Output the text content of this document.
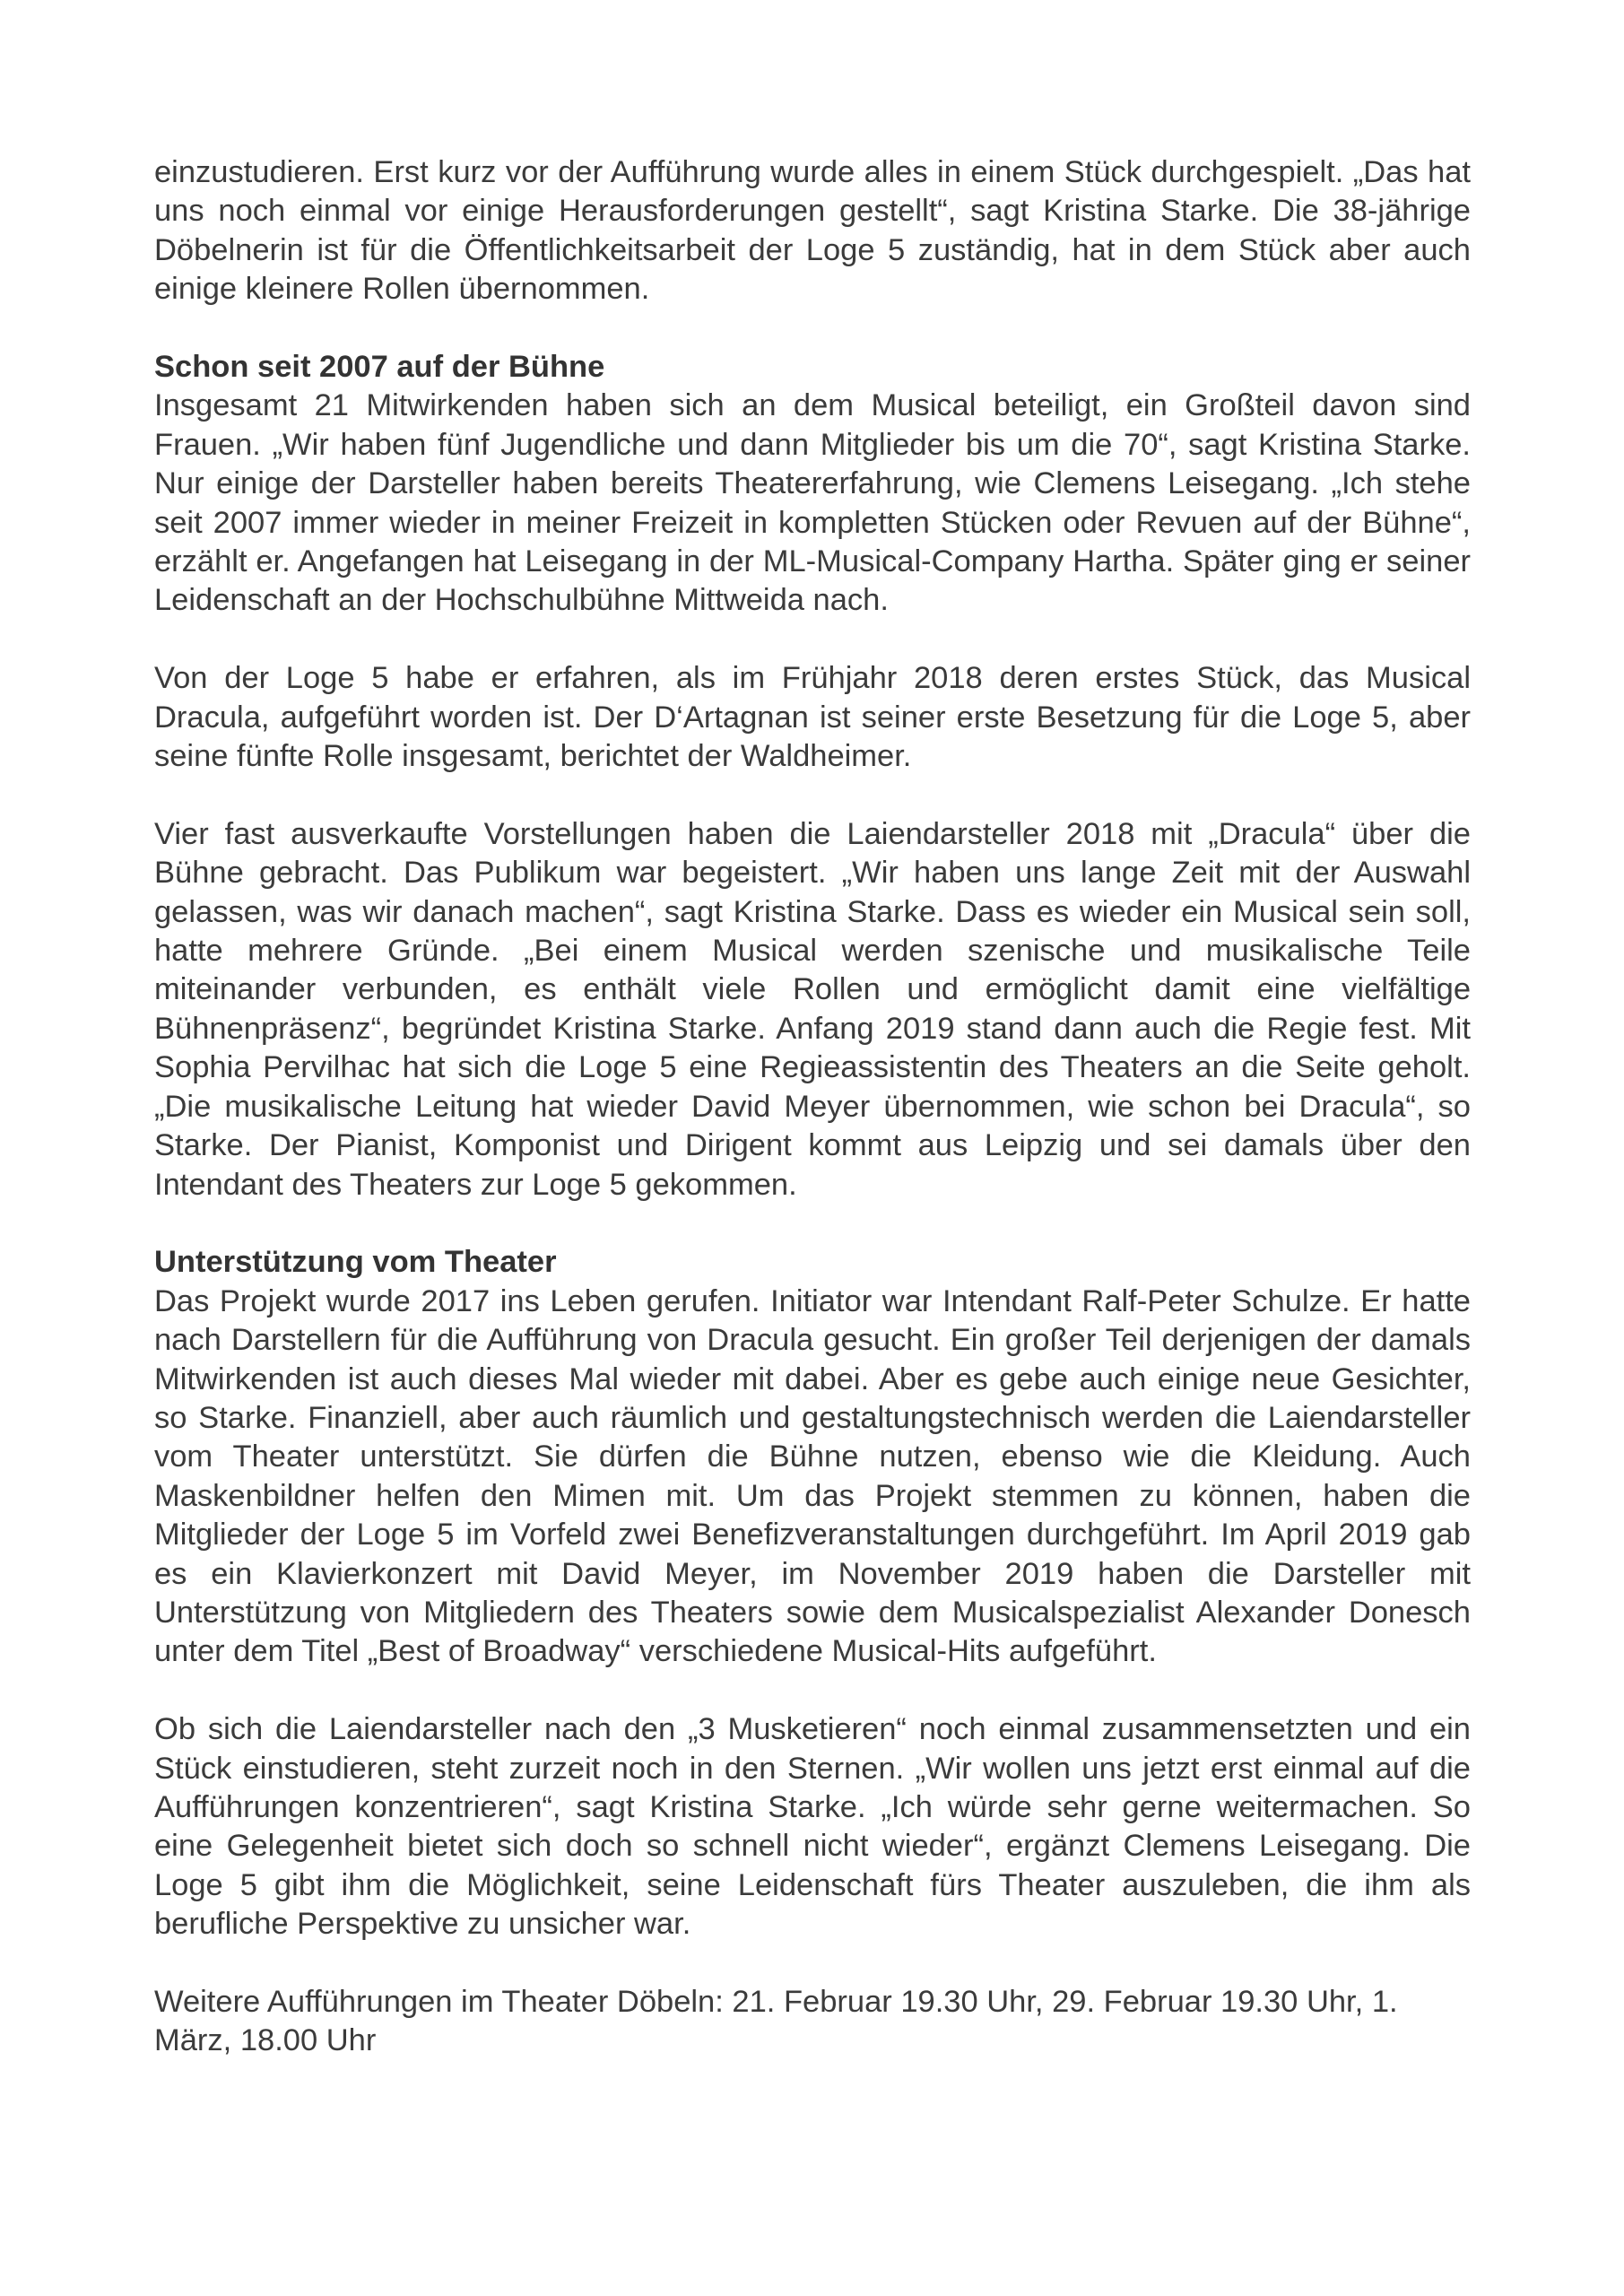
einzustudieren. Erst kurz vor der Aufführung wurde alles in einem Stück durchgespielt. „Das hat uns noch einmal vor einige Herausforderungen gestellt“, sagt Kristina Starke. Die 38-jährige Döbelnerin ist für die Öffentlichkeitsarbeit der Loge 5 zuständig, hat in dem Stück aber auch einige kleinere Rollen übernommen.

Schon seit 2007 auf der Bühne

Insgesamt 21 Mitwirkenden haben sich an dem Musical beteiligt, ein Großteil davon sind Frauen. „Wir haben fünf Jugendliche und dann Mitglieder bis um die 70“, sagt Kristina Starke. Nur einige der Darsteller haben bereits Theatererfahrung, wie Clemens Leisegang. „Ich stehe seit 2007 immer wieder in meiner Freizeit in kompletten Stücken oder Revuen auf der Bühne“, erzählt er. Angefangen hat Leisegang in der ML-Musical-Company Hartha. Später ging er seiner Leidenschaft an der Hochschulbühne Mittweida nach.

Von der Loge 5 habe er erfahren, als im Frühjahr 2018 deren erstes Stück, das Musical Dracula, aufgeführt worden ist. Der D‘Artagnan ist seiner erste Besetzung für die Loge 5, aber seine fünfte Rolle insgesamt, berichtet der Waldheimer.

Vier fast ausverkaufte Vorstellungen haben die Laiendarsteller 2018 mit „Dracula“ über die Bühne gebracht. Das Publikum war begeistert. „Wir haben uns lange Zeit mit der Auswahl gelassen, was wir danach machen“, sagt Kristina Starke. Dass es wieder ein Musical sein soll, hatte mehrere Gründe. „Bei einem Musical werden szenische und musikalische Teile miteinander verbunden, es enthält viele Rollen und ermöglicht damit eine vielfältige Bühnenpräsenz“, begründet Kristina Starke. Anfang 2019 stand dann auch die Regie fest. Mit Sophia Pervilhac hat sich die Loge 5 eine Regieassistentin des Theaters an die Seite geholt. „Die musikalische Leitung hat wieder David Meyer übernommen, wie schon bei Dracula“, so Starke. Der Pianist, Komponist und Dirigent kommt aus Leipzig und sei damals über den Intendant des Theaters zur Loge 5 gekommen.

Unterstützung vom Theater

Das Projekt wurde 2017 ins Leben gerufen. Initiator war Intendant Ralf-Peter Schulze. Er hatte nach Darstellern für die Aufführung von Dracula gesucht. Ein großer Teil derjenigen der damals Mitwirkenden ist auch dieses Mal wieder mit dabei. Aber es gebe auch einige neue Gesichter, so Starke. Finanziell, aber auch räumlich und gestaltungstechnisch werden die Laiendarsteller vom Theater unterstützt. Sie dürfen die Bühne nutzen, ebenso wie die Kleidung. Auch Maskenbildner helfen den Mimen mit. Um das Projekt stemmen zu können, haben die Mitglieder der Loge 5 im Vorfeld zwei Benefizveranstaltungen durchgeführt. Im April 2019 gab es ein Klavierkonzert mit David Meyer, im November 2019 haben die Darsteller mit Unterstützung von Mitgliedern des Theaters sowie dem Musicalspezialist Alexander Donesch unter dem Titel „Best of Broadway“ verschiedene Musical-Hits aufgeführt.

Ob sich die Laiendarsteller nach den „3 Musketieren“ noch einmal zusammensetzten und ein Stück einstudieren, steht zurzeit noch in den Sternen. „Wir wollen uns jetzt erst einmal auf die Aufführungen konzentrieren“, sagt Kristina Starke. „Ich würde sehr gerne weitermachen. So eine Gelegenheit bietet sich doch so schnell nicht wieder“, ergänzt Clemens Leisegang. Die Loge 5 gibt ihm die Möglichkeit, seine Leidenschaft fürs Theater auszuleben, die ihm als berufliche Perspektive zu unsicher war.

Weitere Aufführungen im Theater Döbeln: 21. Februar 19.30 Uhr, 29. Februar 19.30 Uhr, 1. März, 18.00 Uhr
